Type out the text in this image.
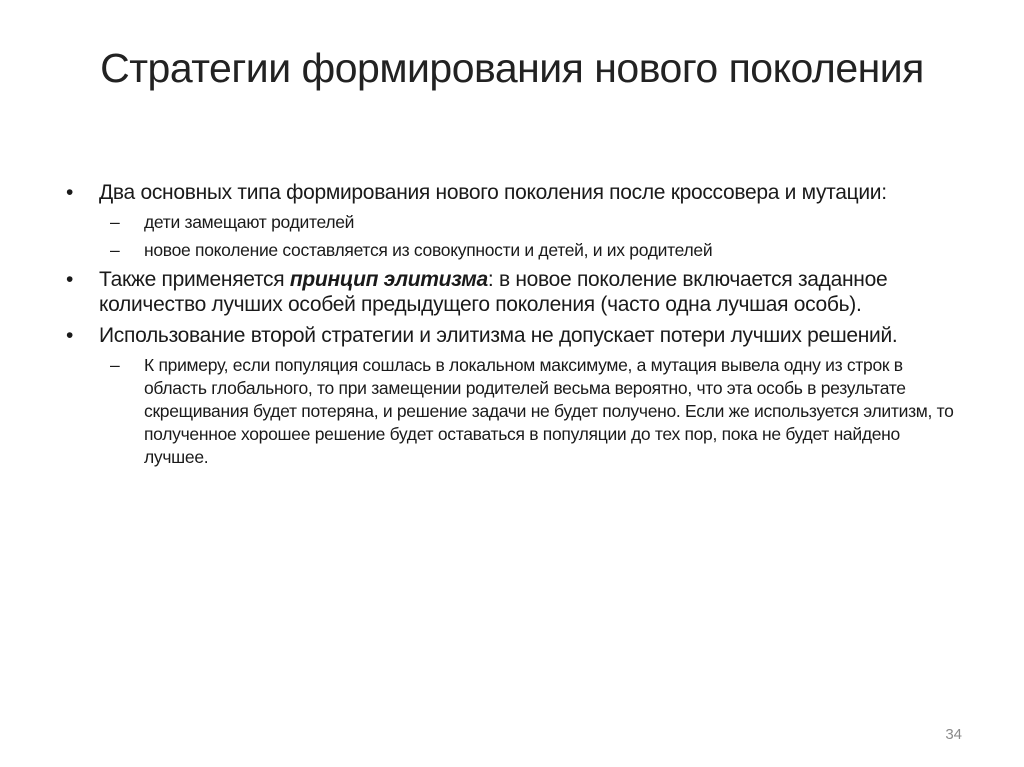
Стратегии формирования нового поколения
• Два основных типа формирования нового поколения после кроссовера и мутации:
– дети замещают родителей
– новое поколение составляется из совокупности и детей, и их родителей
• Также применяется принцип элитизма: в новое поколение включается заданное количество лучших особей предыдущего поколения (часто одна лучшая особь).
• Использование второй стратегии и элитизма не допускает потери лучших решений.
– К примеру, если популяция сошлась в локальном максимуме, а мутация вывела одну из строк в область глобального, то при замещении родителей весьма вероятно, что эта особь в результате скрещивания будет потеряна, и решение задачи не будет получено. Если же используется элитизм, то полученное хорошее решение будет оставаться в популяции до тех пор, пока не будет найдено лучшее.
34
